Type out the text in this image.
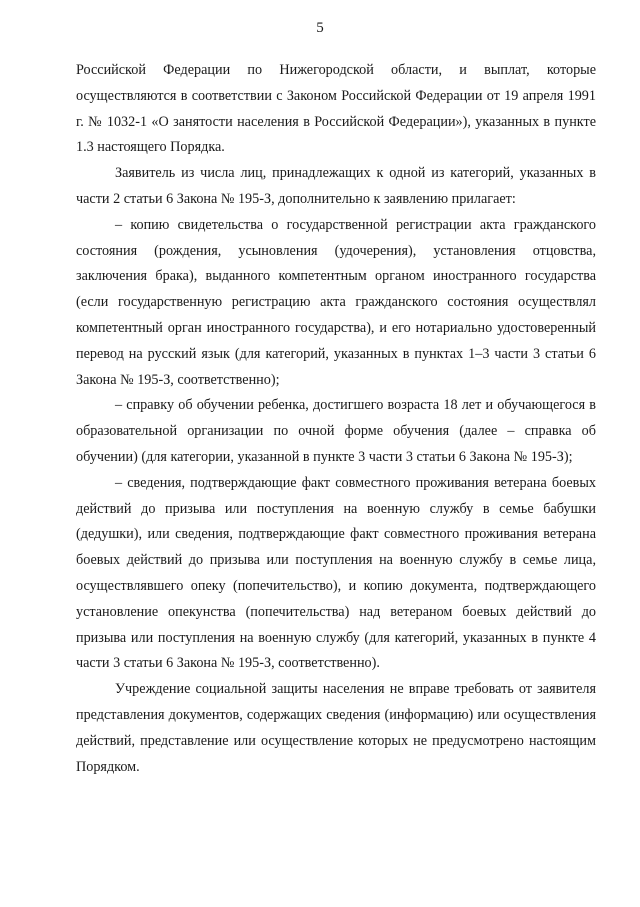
5

Российской Федерации по Нижегородской области, и выплат, которые осуществляются в соответствии с Законом Российской Федерации от 19 апреля 1991 г. № 1032-1 «О занятости населения в Российской Федерации»), указанных в пункте 1.3 настоящего Порядка.

Заявитель из числа лиц, принадлежащих к одной из категорий, указанных в части 2 статьи 6 Закона № 195-З, дополнительно к заявлению прилагает:

– копию свидетельства о государственной регистрации акта гражданского состояния (рождения, усыновления (удочерения), установления отцовства, заключения брака), выданного компетентным органом иностранного государства (если государственную регистрацию акта гражданского состояния осуществлял компетентный орган иностранного государства), и его нотариально удостоверенный перевод на русский язык (для категорий, указанных в пунктах 1–3 части 3 статьи 6 Закона № 195-З, соответственно);

– справку об обучении ребенка, достигшего возраста 18 лет и обучающегося в образовательной организации по очной форме обучения (далее – справка об обучении) (для категории, указанной в пункте 3 части 3 статьи 6 Закона № 195-З);

– сведения, подтверждающие факт совместного проживания ветерана боевых действий до призыва или поступления на военную службу в семье бабушки (дедушки), или сведения, подтверждающие факт совместного проживания ветерана боевых действий до призыва или поступления на военную службу в семье лица, осуществлявшего опеку (попечительство), и копию документа, подтверждающего установление опекунства (попечительства) над ветераном боевых действий до призыва или поступления на военную службу (для категорий, указанных в пункте 4 части 3 статьи 6 Закона № 195-З, соответственно).

Учреждение социальной защиты населения не вправе требовать от заявителя представления документов, содержащих сведения (информацию) или осуществления действий, представление или осуществление которых не предусмотрено настоящим Порядком.
